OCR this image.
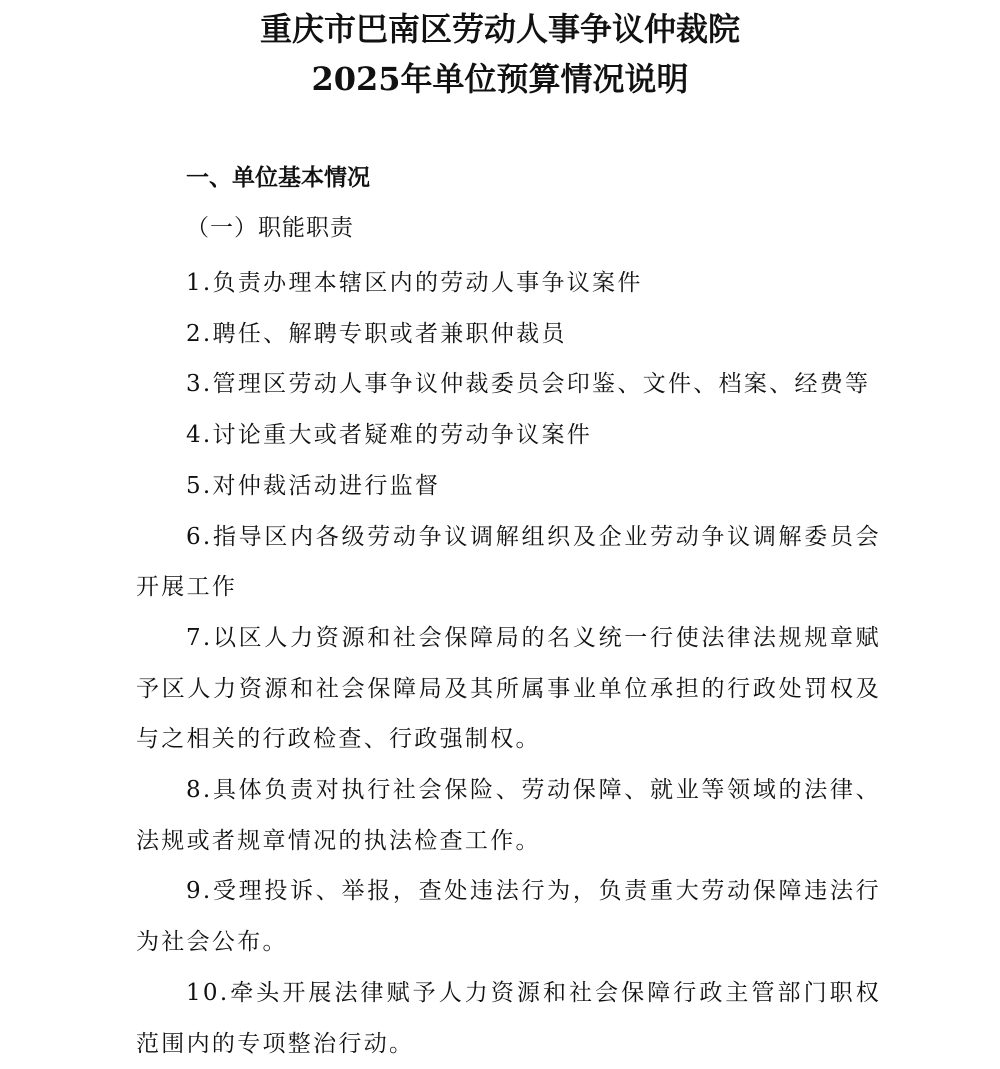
重庆市巴南区劳动人事争议仲裁院
2025年单位预算情况说明
一、单位基本情况
（一）职能职责

1.负责办理本辖区内的劳动人事争议案件

2.聘任、解聘专职或者兼职仲裁员

3.管理区劳动人事争议仲裁委员会印鉴、文件、档案、经费等

4.讨论重大或者疑难的劳动争议案件

5.对仲裁活动进行监督

6.指导区内各级劳动争议调解组织及企业劳动争议调解委员会开展工作

7.以区人力资源和社会保障局的名义统一行使法律法规规章赋予区人力资源和社会保障局及其所属事业单位承担的行政处罚权及与之相关的行政检查、行政强制权。

8.具体负责对执行社会保险、劳动保障、就业等领域的法律、法规或者规章情况的执法检查工作。

9.受理投诉、举报，查处违法行为，负责重大劳动保障违法行为社会公布。

10.牵头开展法律赋予人力资源和社会保障行政主管部门职权范围内的专项整治行动。
